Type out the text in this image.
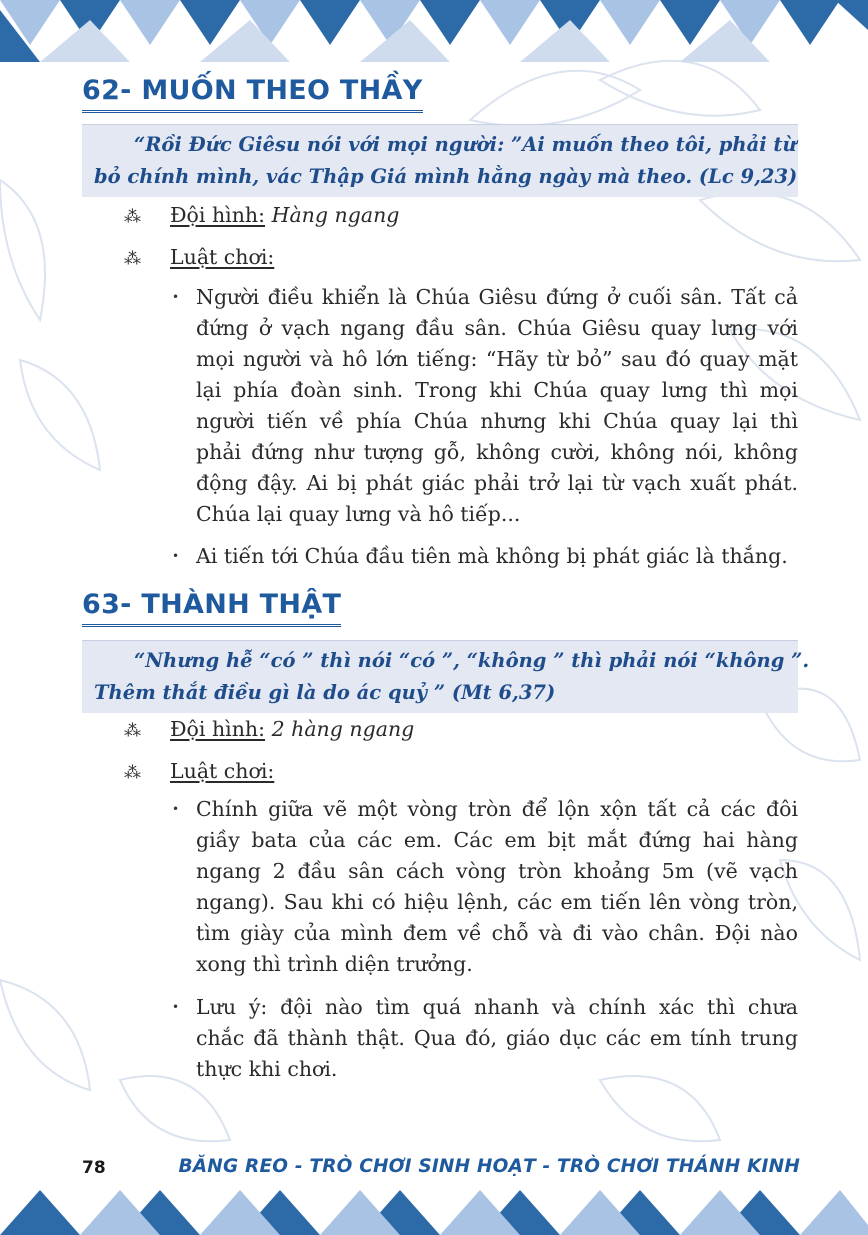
62- MUỐN THEO THẦY
“Rồi Đức Giêsu nói với mọi người: ”Ai muốn theo tôi, phải từ
bỏ chính mình, vác Thập Giá mình hằng ngày mà theo. (Lc 9,23)
⁂ Đội hình: Hàng ngang
⁂ Luật chơi:
• Người điều khiển là Chúa Giêsu đứng ở cuối sân. Tất cả
đứng ở vạch ngang đầu sân. Chúa Giêsu quay lưng với
mọi người và hô lớn tiếng: “Hãy từ bỏ” sau đó quay mặt
lại phía đoàn sinh. Trong khi Chúa quay lưng thì mọi
người tiến về phía Chúa nhưng khi Chúa quay lại thì
phải đứng như tượng gỗ, không cười, không nói, không
động đậy. Ai bị phát giác phải trở lại từ vạch xuất phát.
Chúa lại quay lưng và hô tiếp...
• Ai tiến tới Chúa đầu tiên mà không bị phát giác là thắng.
63- THÀNH THẬT
“Nhưng hễ “có ” thì nói “có ”, “không ” thì phải nói “không ”.
Thêm thắt điều gì là do ác quỷ ” (Mt 6,37)
⁂ Đội hình: 2 hàng ngang
⁂ Luật chơi:
• Chính giữa vẽ một vòng tròn để lộn xộn tất cả các đôi
giầy bata của các em. Các em bịt mắt đứng hai hàng
ngang 2 đầu sân cách vòng tròn khoảng 5m (vẽ vạch
ngang). Sau khi có hiệu lệnh, các em tiến lên vòng tròn,
tìm giày của mình đem về chỗ và đi vào chân. Đội nào
xong thì trình diện trưởng.
• Lưu ý: đội nào tìm quá nhanh và chính xác thì chưa
chắc đã thành thật. Qua đó, giáo dục các em tính trung
thực khi chơi.
78	BĂNG REO - TRÒ CHƠI SINH HOẠT - TRÒ CHƠI THÁNH KINH
